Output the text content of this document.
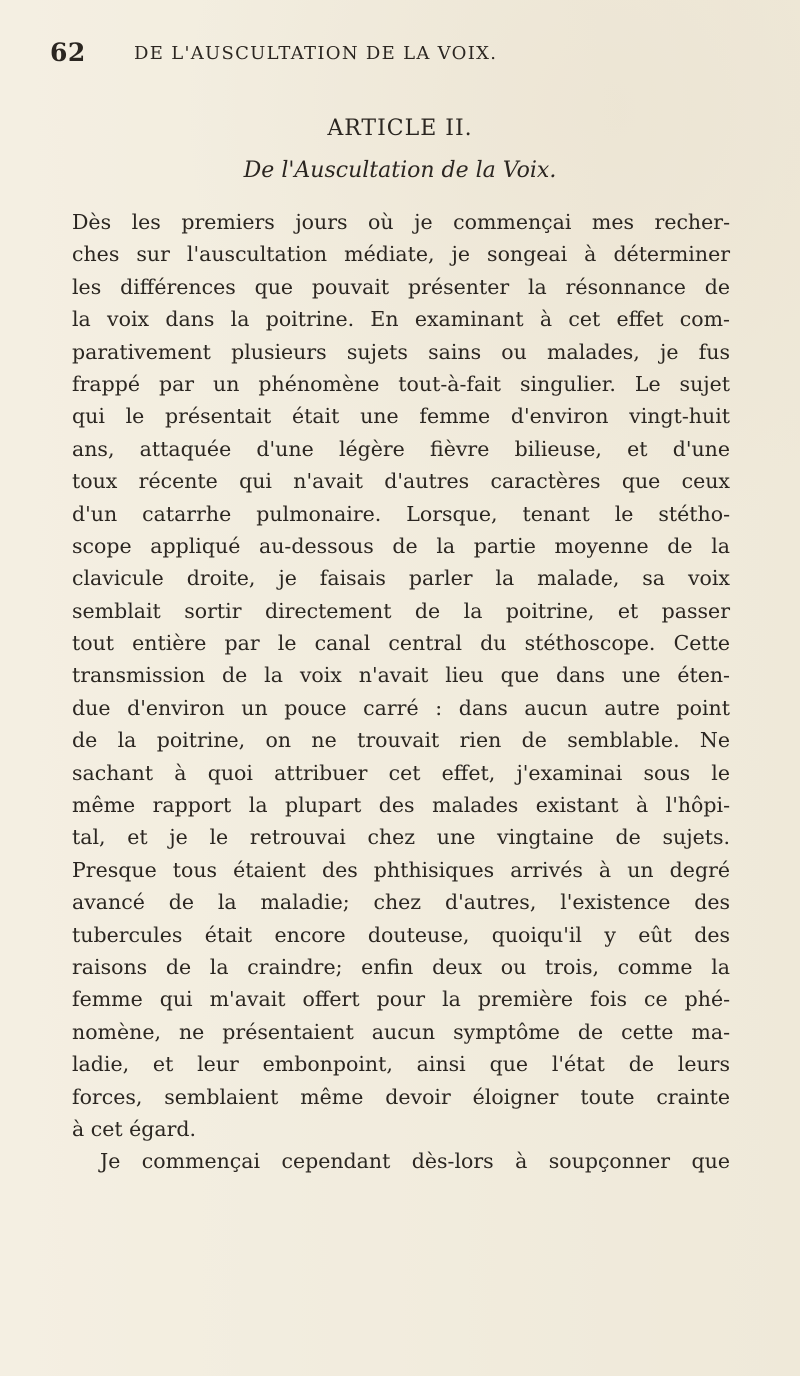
62	DE L'AUSCULTATION DE LA VOIX.
ARTICLE II.
De l'Auscultation de la Voix.
Dès les premiers jours où je commençai mes recher-
ches sur l'auscultation médiate, je songeai à déterminer
les différences que pouvait présenter la résonnance de
la voix dans la poitrine. En examinant à cet effet com-
parativement plusieurs sujets sains ou malades, je fus
frappé par un phénomène tout-à-fait singulier. Le sujet
qui le présentait était une femme d'environ vingt-huit
ans, attaquée d'une légère fièvre bilieuse, et d'une
toux récente qui n'avait d'autres caractères que ceux
d'un catarrhe pulmonaire. Lorsque, tenant le stétho-
scope appliqué au-dessous de la partie moyenne de la
clavicule droite, je faisais parler la malade, sa voix
semblait sortir directement de la poitrine, et passer
tout entière par le canal central du stéthoscope. Cette
transmission de la voix n'avait lieu que dans une éten-
due d'environ un pouce carré : dans aucun autre point
de la poitrine, on ne trouvait rien de semblable. Ne
sachant à quoi attribuer cet effet, j'examinai sous le
même rapport la plupart des malades existant à l'hôpi-
tal, et je le retrouvai chez une vingtaine de sujets.
Presque tous étaient des phthisiques arrivés à un degré
avancé de la maladie; chez d'autres, l'existence des
tubercules était encore douteuse, quoiqu'il y eût des
raisons de la craindre; enfin deux ou trois, comme la
femme qui m'avait offert pour la première fois ce phé-
nomène, ne présentaient aucun symptôme de cette ma-
ladie, et leur embonpoint, ainsi que l'état de leurs
forces, semblaient même devoir éloigner toute crainte
à cet égard.
Je commençai cependant dès-lors à soupçonner que
